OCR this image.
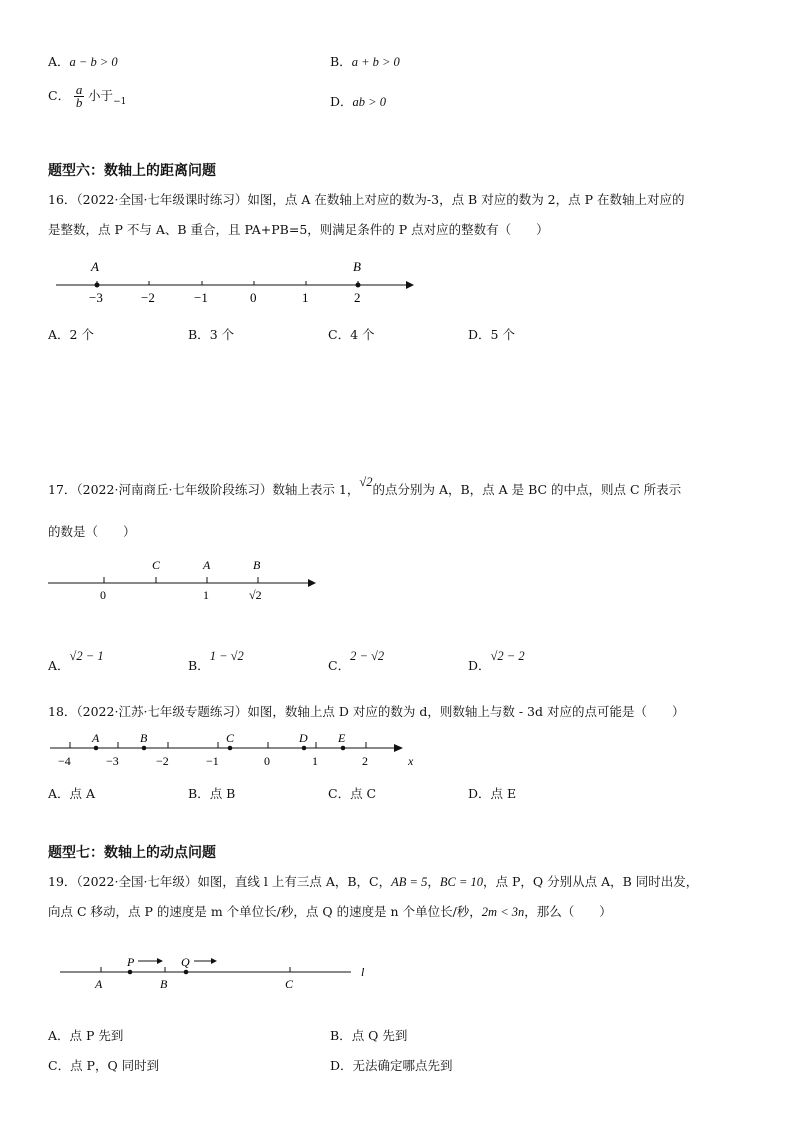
A．a − b > 0	B．a + b > 0
C． $\frac{a}{b}$ 小于$_{-1}$	D．ab > 0
题型六：数轴上的距离问题
16．（2022·全国·七年级课时练习）如图，点 A 在数轴上对应的数为-3，点 B 对应的数为 2，点 P 在数轴上对应的
是整数，点 P 不与 A、B 重合，且 PA+PB=5，则满足条件的 P 点对应的整数有（　　）
A	B
−3	−2	−1	0	1	2
A．2 个	B．3 个	C．4 个	D．5 个
17．（2022·河南商丘·七年级阶段练习）数轴上表示 1，√2的点分别为 A，B，点 A 是 BC 的中点，则点 C 所表示
的数是（　　）
C	A	B
0	1	√2
A．√2 − 1
B．1 − √2
C．2 − √2
D．√2 − 2
18．（2022·江苏·七年级专题练习）如图，数轴上点 D 对应的数为 d，则数轴上与数 - 3d 对应的点可能是（　　）
A	B	C	D	E
−4	−3	−2	−1	0	1	2	x
A．点 A	B．点 B	C．点 C	D．点 E
题型七：数轴上的动点问题
19．（2022·全国·七年级）如图，直线 l 上有三点 A，B，C，AB = 5，BC = 10，点 P，Q 分别从点 A，B 同时出发，
向点 C 移动，点 P 的速度是 m 个单位长/秒，点 Q 的速度是 n 个单位长/秒，2m < 3n，那么（　　）
P	Q
A	B	C
l
A．点 P 先到	B．点 Q 先到
C．点 P，Q 同时到	D．无法确定哪点先到
